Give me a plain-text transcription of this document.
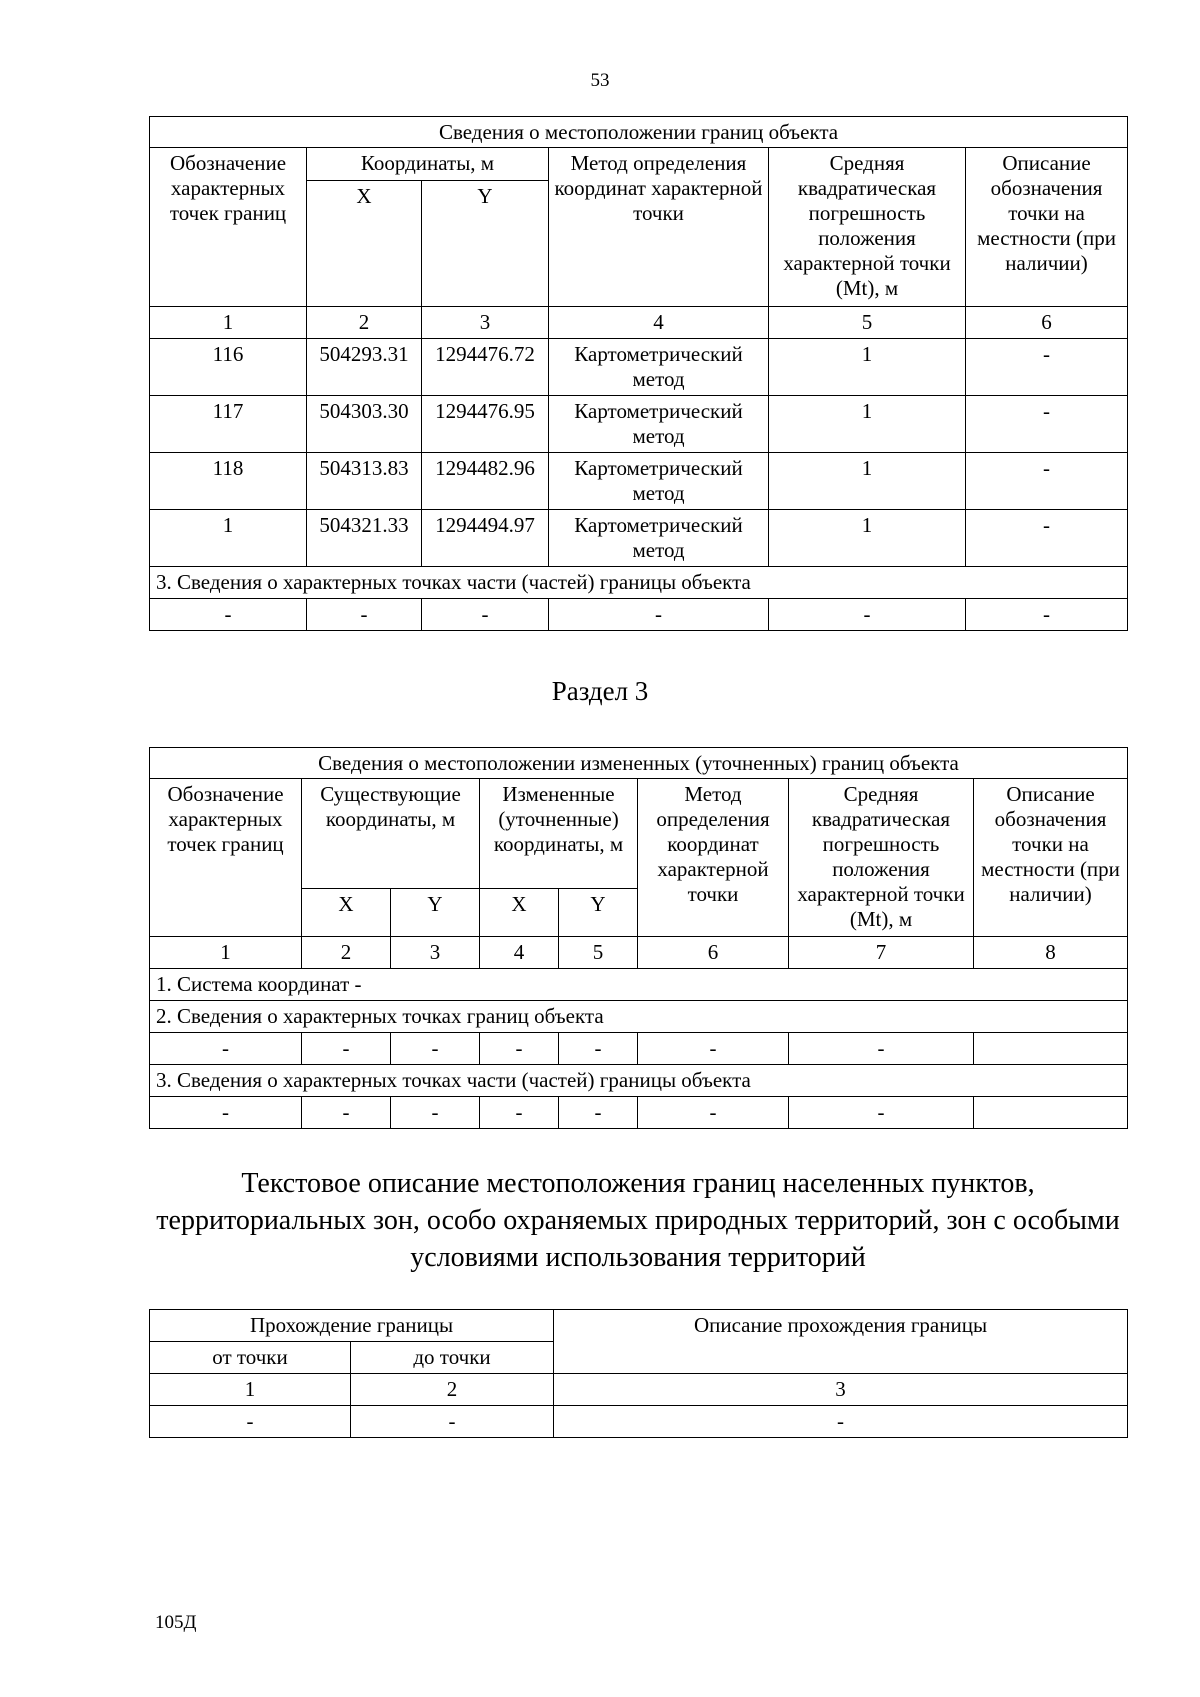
53
Сведения о местоположении границ объекта					
Обозначение характерных точек границ	Координаты, м		Метод определения координат характерной точки	Средняя квадратическая погрешность положения характерной точки (Mt), м	Описание обозначения точки на местности (при наличии)
	X	Y			
1	2	3	4	5	6
116	504293.31	1294476.72	Картометрический метод	1	-
117	504303.30	1294476.95	Картометрический метод	1	-
118	504313.83	1294482.96	Картометрический метод	1	-
1	504321.33	1294494.97	Картометрический метод	1	-
3. Сведения о характерных точках части (частей) границы объекта					
-	-	-	-	-	-
Раздел 3
Сведения о местоположении измененных (уточненных) границ объекта							
Обозначение характерных точек границ	Существующие координаты, м		Измененные (уточненные) координаты, м		Метод определения координат характерной точки	Средняя квадратическая погрешность положения характерной точки (Mt), м	Описание обозначения точки на местности (при наличии)
	X	Y	X	Y			
1	2	3	4	5	6	7	8
1. Система координат -							
2. Сведения о характерных точках границ объекта							
-	-	-	-	-	-	-	
3. Сведения о характерных точках части (частей) границы объекта							
-	-	-	-	-	-	-	
Текстовое описание местоположения границ населенных пунктов, территориальных зон, особо охраняемых природных территорий, зон с особыми условиями использования территорий
Прохождение границы		Описание прохождения границы
от точки	до точки	
1	2	3
-	-	-
105Д
